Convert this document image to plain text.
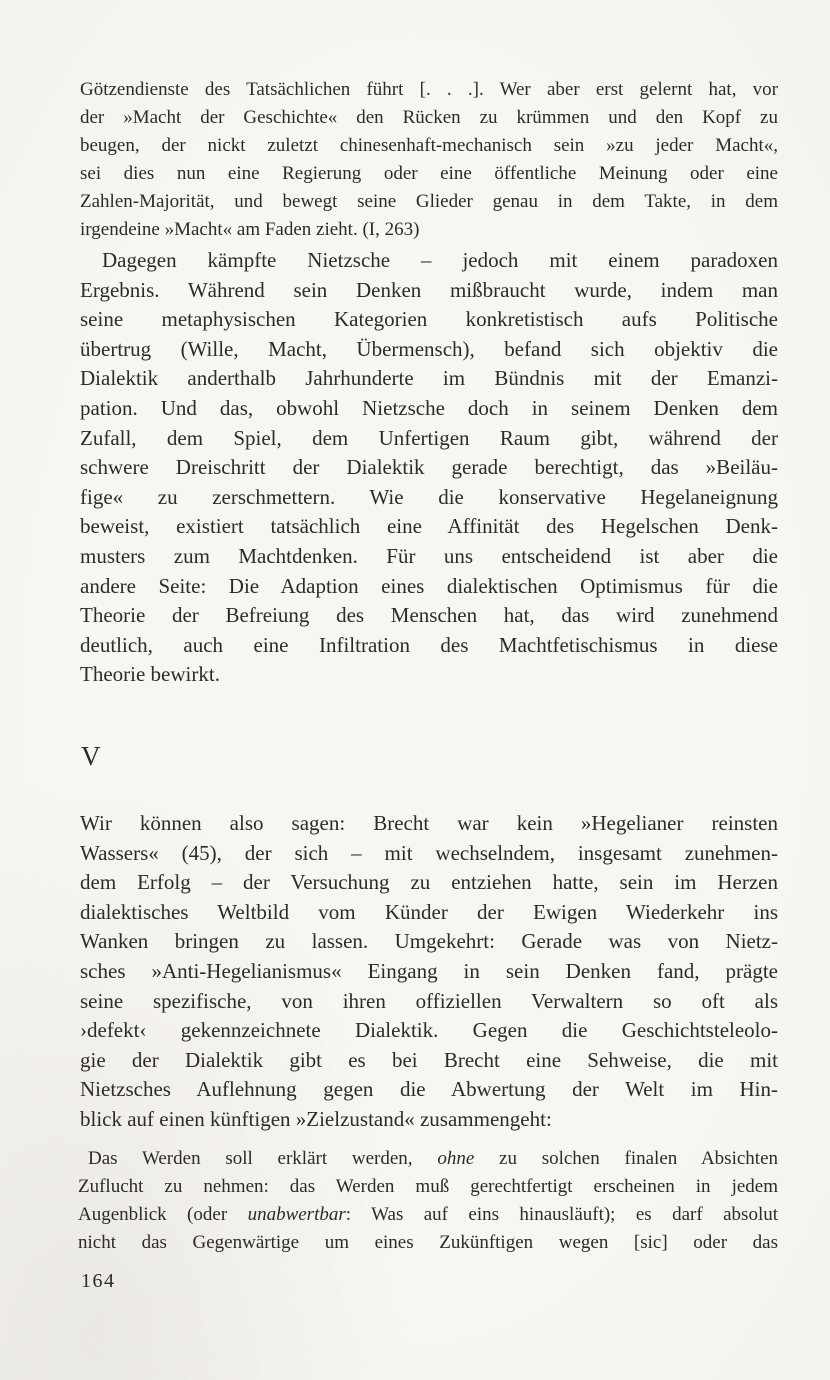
Götzendienste des Tatsächlichen führt [. . .]. Wer aber erst gelernt hat, vor
der »Macht der Geschichte« den Rücken zu krümmen und den Kopf zu
beugen, der nickt zuletzt chinesenhaft-mechanisch sein »zu jeder Macht«,
sei dies nun eine Regierung oder eine öffentliche Meinung oder eine
Zahlen-Majorität, und bewegt seine Glieder genau in dem Takte, in dem
irgendeine »Macht« am Faden zieht. (I, 263)
Dagegen kämpfte Nietzsche – jedoch mit einem paradoxen
Ergebnis. Während sein Denken mißbraucht wurde, indem man
seine metaphysischen Kategorien konkretistisch aufs Politische
übertrug (Wille, Macht, Übermensch), befand sich objektiv die
Dialektik anderthalb Jahrhunderte im Bündnis mit der Emanzi-
pation. Und das, obwohl Nietzsche doch in seinem Denken dem
Zufall, dem Spiel, dem Unfertigen Raum gibt, während der
schwere Dreischritt der Dialektik gerade berechtigt, das »Beiläu-
fige« zu zerschmettern. Wie die konservative Hegelaneignung
beweist, existiert tatsächlich eine Affinität des Hegelschen Denk-
musters zum Machtdenken. Für uns entscheidend ist aber die
andere Seite: Die Adaption eines dialektischen Optimismus für die
Theorie der Befreiung des Menschen hat, das wird zunehmend
deutlich, auch eine Infiltration des Machtfetischismus in diese
Theorie bewirkt.
V
Wir können also sagen: Brecht war kein »Hegelianer reinsten
Wassers« (45), der sich – mit wechselndem, insgesamt zunehmen-
dem Erfolg – der Versuchung zu entziehen hatte, sein im Herzen
dialektisches Weltbild vom Künder der Ewigen Wiederkehr ins
Wanken bringen zu lassen. Umgekehrt: Gerade was von Nietz-
sches »Anti-Hegelianismus« Eingang in sein Denken fand, prägte
seine spezifische, von ihren offiziellen Verwaltern so oft als
›defekt‹ gekennzeichnete Dialektik. Gegen die Geschichtsteleolo-
gie der Dialektik gibt es bei Brecht eine Sehweise, die mit
Nietzsches Auflehnung gegen die Abwertung der Welt im Hin-
blick auf einen künftigen »Zielzustand« zusammengeht:
Das Werden soll erklärt werden, ohne zu solchen finalen Absichten
Zuflucht zu nehmen: das Werden muß gerechtfertigt erscheinen in jedem
Augenblick (oder unabwertbar: Was auf eins hinausläuft); es darf absolut
nicht das Gegenwärtige um eines Zukünftigen wegen [sic] oder das
164
